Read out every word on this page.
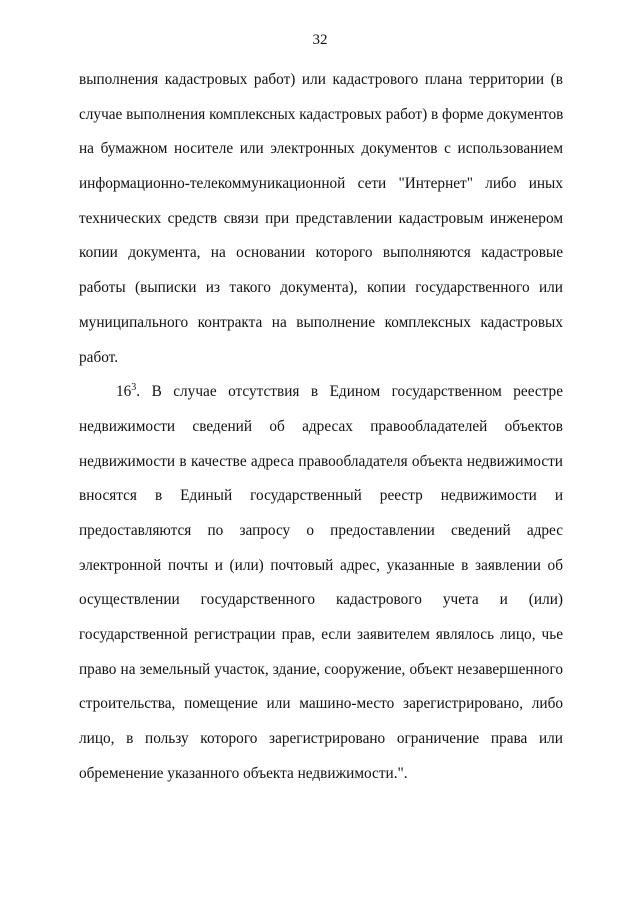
32
выполнения кадастровых работ) или кадастрового плана территории (в
случае выполнения комплексных кадастровых работ) в форме документов
на бумажном носителе или электронных документов с использованием
информационно-телекоммуникационной сети "Интернет" либо иных
технических средств связи при представлении кадастровым инженером
копии документа, на основании которого выполняются кадастровые
работы (выписки из такого документа), копии государственного или
муниципального контракта на выполнение комплексных кадастровых
работ.
$16^3$. В случае отсутствия в Едином государственном реестре
недвижимости сведений об адресах правообладателей объектов
недвижимости в качестве адреса правообладателя объекта недвижимости
вносятся в Единый государственный реестр недвижимости и
предоставляются по запросу о предоставлении сведений адрес
электронной почты и (или) почтовый адрес, указанные в заявлении об
осуществлении государственного кадастрового учета и (или)
государственной регистрации прав, если заявителем являлось лицо, чье
право на земельный участок, здание, сооружение, объект незавершенного
строительства, помещение или машино-место зарегистрировано, либо
лицо, в пользу которого зарегистрировано ограничение права или
обременение указанного объекта недвижимости.".
